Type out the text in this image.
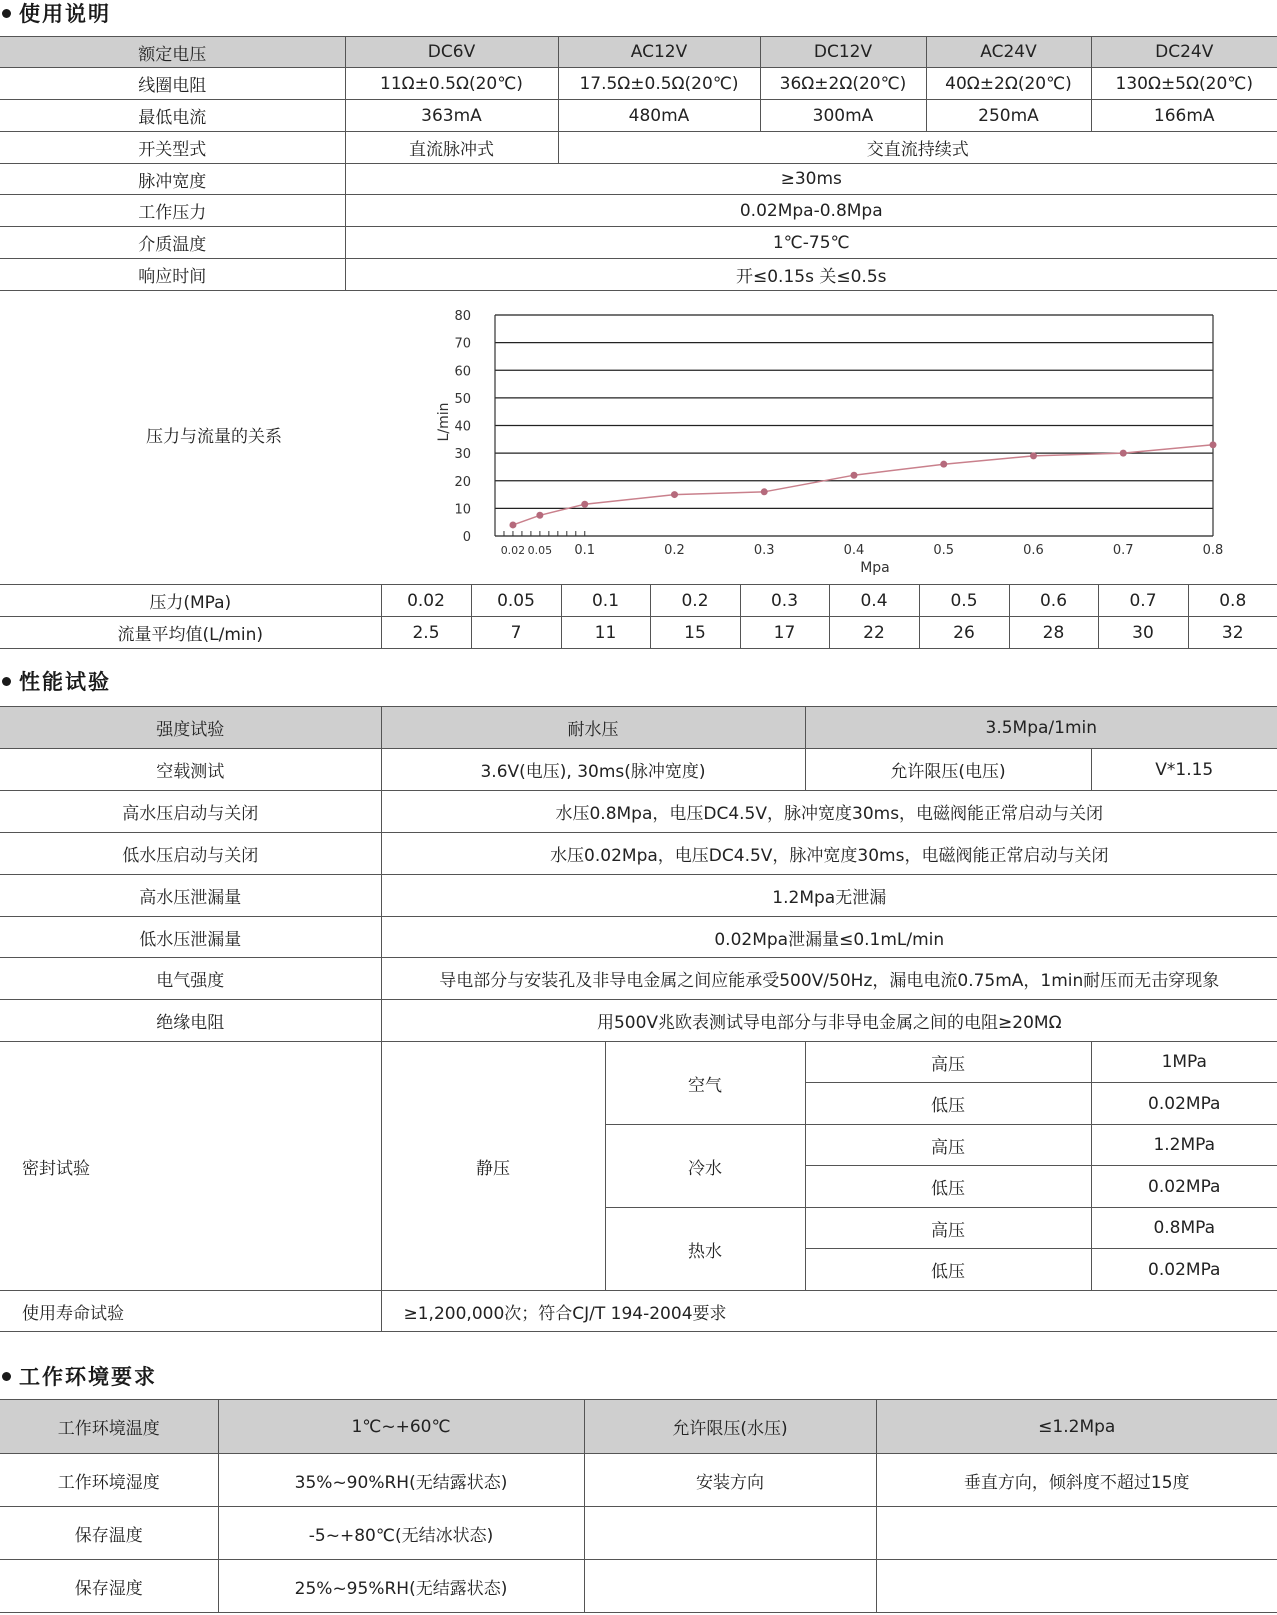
使用说明
额定电压	DC6V	AC12V	DC12V	AC24V	DC24V
线圈电阻	11Ω±0.5Ω(20℃)	17.5Ω±0.5Ω(20℃)	36Ω±2Ω(20℃)	40Ω±2Ω(20℃)	130Ω±5Ω(20℃)
最低电流	363mA	480mA	300mA	250mA	166mA
开关型式	直流脉冲式	交直流持续式			
脉冲宽度	≥30ms				
工作压力	0.02Mpa-0.8Mpa				
介质温度	1℃-75℃				
响应时间	开≤0.15s 关≤0.5s				
压力与流量的关系
0
10
20
30
40
50
60
70
80
0.02 0.05 0.1	0.2	0.3	0.4	0.5	0.6	0.7	0.8
Mpa
L/min
压力(MPa)	0.02	0.05	0.1	0.2	0.3	0.4	0.5	0.6	0.7	0.8
流量平均值(L/min)	2.5	7	11	15	17	22	26	28	30	32
性能试验
强度试验	耐水压		3.5Mpa/1min	
空载测试	3.6V(电压), 30ms(脉冲宽度)		允许限压(电压)	V*1.15
高水压启动与关闭	水压0.8Mpa，电压DC4.5V，脉冲宽度30ms，电磁阀能正常启动与关闭			
低水压启动与关闭	水压0.02Mpa，电压DC4.5V，脉冲宽度30ms，电磁阀能正常启动与关闭			
高水压泄漏量	1.2Mpa无泄漏			
低水压泄漏量	0.02Mpa泄漏量≤0.1mL/min			
电气强度	导电部分与安装孔及非导电金属之间应能承受500V/50Hz，漏电电流0.75mA，1min耐压而无击穿现象			
绝缘电阻	用500V兆欧表测试导电部分与非导电金属之间的电阻≥20MΩ			
密封试验	静压	空气	高压	1MPa
			低压	0.02MPa
		冷水	高压	1.2MPa
			低压	0.02MPa
		热水	高压	0.8MPa
			低压	0.02MPa
使用寿命试验	≥1,200,000次；符合CJ/T 194-2004要求			
工作环境要求
工作环境温度	1℃~+60℃	允许限压(水压)	≤1.2Mpa
工作环境湿度	35%~90%RH(无结露状态)	安装方向	垂直方向，倾斜度不超过15度
保存温度	-5~+80℃(无结冰状态)		
保存湿度	25%~95%RH(无结露状态)		
